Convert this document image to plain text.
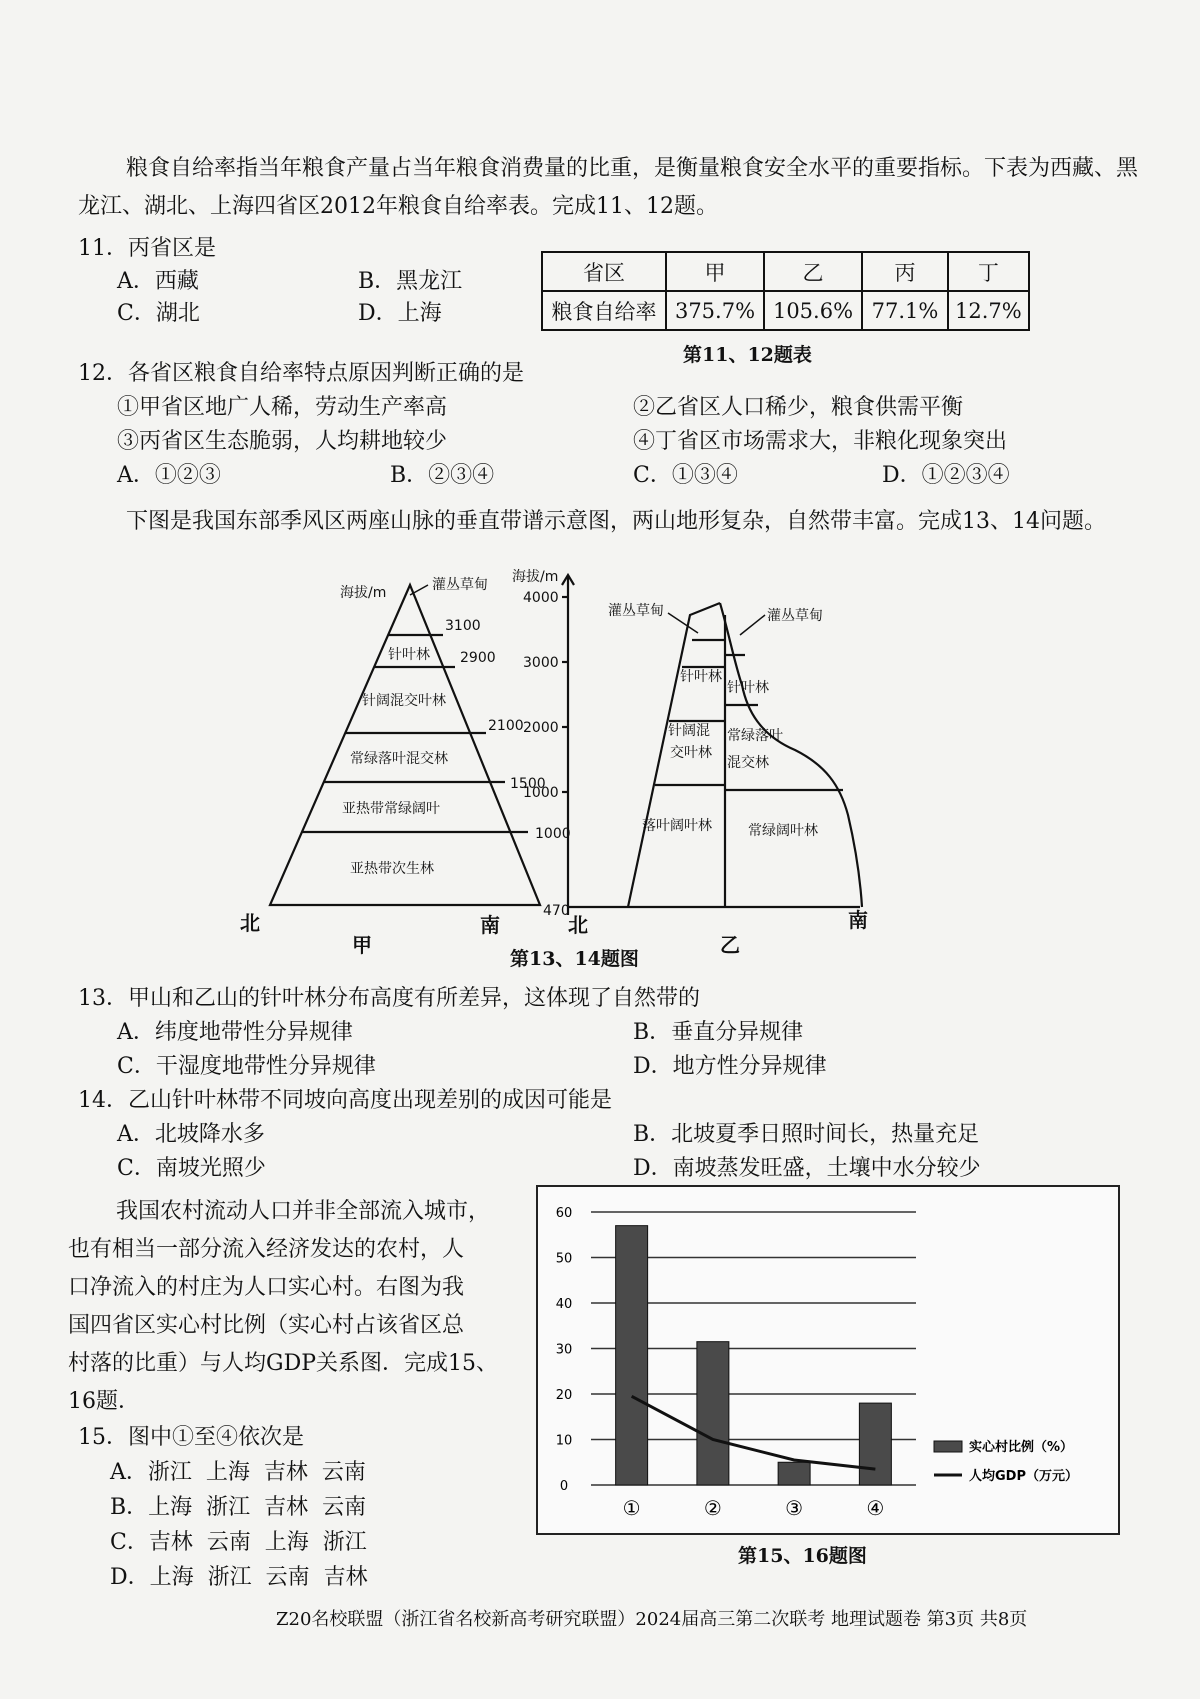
粮食自给率指当年粮食产量占当年粮食消费量的比重，是衡量粮食安全水平的重要指标。下表为西藏、黑龙江、湖北、上海四省区2012年粮食自给率表。完成11、12题。
11．丙省区是
A．西藏	B．黑龙江
C．湖北	D．上海
省区	甲	乙	丙	丁
粮食自给率	375.7%	105.6%	77.1%	12.7%
第11、12题表
12．各省区粮食自给率特点原因判断正确的是
①甲省区地广人稀，劳动生产率高	②乙省区人口稀少，粮食供需平衡
③丙省区生态脆弱，人均耕地较少	④丁省区市场需求大，非粮化现象突出
A．①②③	B．②③④	C．①③④	D．①②③④
下图是我国东部季风区两座山脉的垂直带谱示意图，两山地形复杂，自然带丰富。完成13、14问题。
海拔/m	灌丛草甸
针叶林
针阔混交叶林
常绿落叶混交林
亚热带常绿阔叶
亚热带次生林
3100
2900
2100
1500
1000
470
北	南
甲
海拔/m
4000
3000
2000
1000
灌丛草甸
针叶林
针阔混
交叶林
落叶阔叶林
灌丛草甸
针叶林
常绿落叶
混交林
常绿阔叶林
北	南
乙
第13、14题图
13．甲山和乙山的针叶林分布高度有所差异，这体现了自然带的
A．纬度地带性分异规律	B．垂直分异规律
C．干湿度地带性分异规律	D．地方性分异规律
14．乙山针叶林带不同坡向高度出现差别的成因可能是
A．北坡降水多	B．北坡夏季日照时间长，热量充足
C．南坡光照少	D．南坡蒸发旺盛，土壤中水分较少
我国农村流动人口并非全部流入城市，
也有相当一部分流入经济发达的农村，人
口净流入的村庄为人口实心村。右图为我
国四省区实心村比例（实心村占该省区总
村落的比重）与人均GDP关系图．完成15、
16题．
15．图中①至④依次是
A．浙江  上海  吉林  云南
B．上海  浙江  吉林  云南
C．吉林  云南  上海  浙江
D．上海  浙江  云南  吉林
60
50
40
30
20
10
0
①	②	③	④
实心村比例（%）
人均GDP（万元）
第15、16题图
Z20名校联盟（浙江省名校新高考研究联盟）2024届高三第二次联考 地理试题卷 第3页 共8页
